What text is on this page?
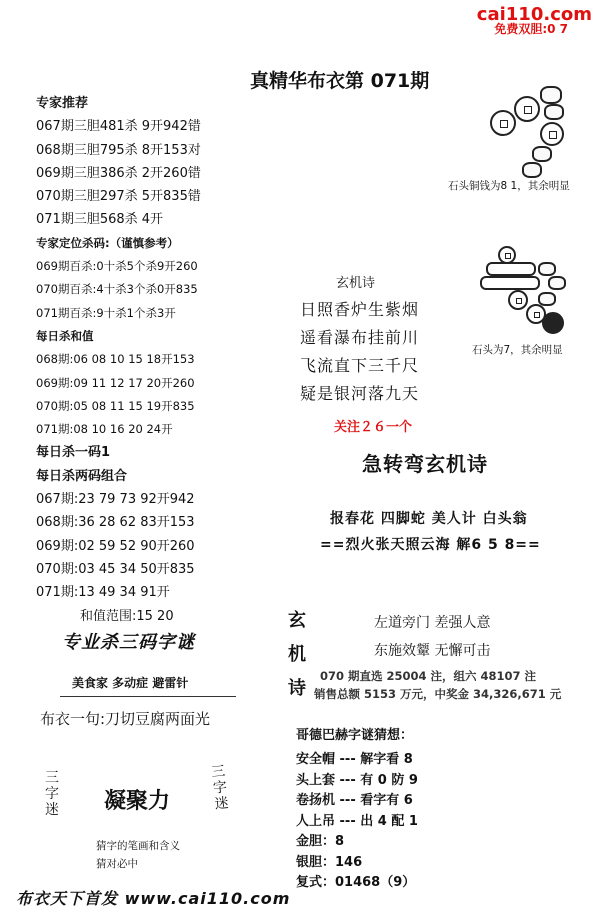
cai110.com
免费双胆:0 7
真精华布衣第 071期
专家推荐
067期三胆481杀 9开942错
068期三胆795杀 8开153对
069期三胆386杀 2开260错
070期三胆297杀 5开835错
071期三胆568杀 4开
专家定位杀码:（谨慎参考）
069期百杀:0十杀5个杀9开260
070期百杀:4十杀3个杀0开835
071期百杀:9十杀1个杀3开
每日杀和值
068期:06 08 10 15 18开153
069期:09 11 12 17 20开260
070期:05 08 11 15 19开835
071期:08 10 16 20 24开
每日杀一码1
每日杀两码组合
067期:23 79 73 92开942
068期:36 28 62 83开153
069期:02 59 52 90开260
070期:03 45 34 50开835
071期:13 49 34 91开
和值范围:15 20
专业杀三码字谜
美食家 多动症 避雷针
布衣一句:刀切豆腐两面光
三字迷
三字迷
凝聚力
猜字的笔画和含义
猜对必中
布衣天下首发 www.cai110.com
石头铜钱为8 1，其余明显
石头为7，其余明显
玄机诗
日照香炉生紫烟
遥看瀑布挂前川
飞流直下三千尺
疑是银河落九天
关注２６一个
急转弯玄机诗
报春花 四脚蛇 美人计 白头翁
==烈火张天照云海 解6 5 8==
玄
机
诗
左道旁门 差强人意
东施效颦 无懈可击
070 期直选 25004 注，组六 48107 注
销售总额 5153 万元，中奖金 34,326,671 元
哥德巴赫字谜猜想：
安全帽 --- 解字看 8
头上套 --- 有 0 防 9
卷扬机 --- 看字有 6
人上吊 --- 出 4 配 1
金胆：8
银胆：146
复式：01468（9）
